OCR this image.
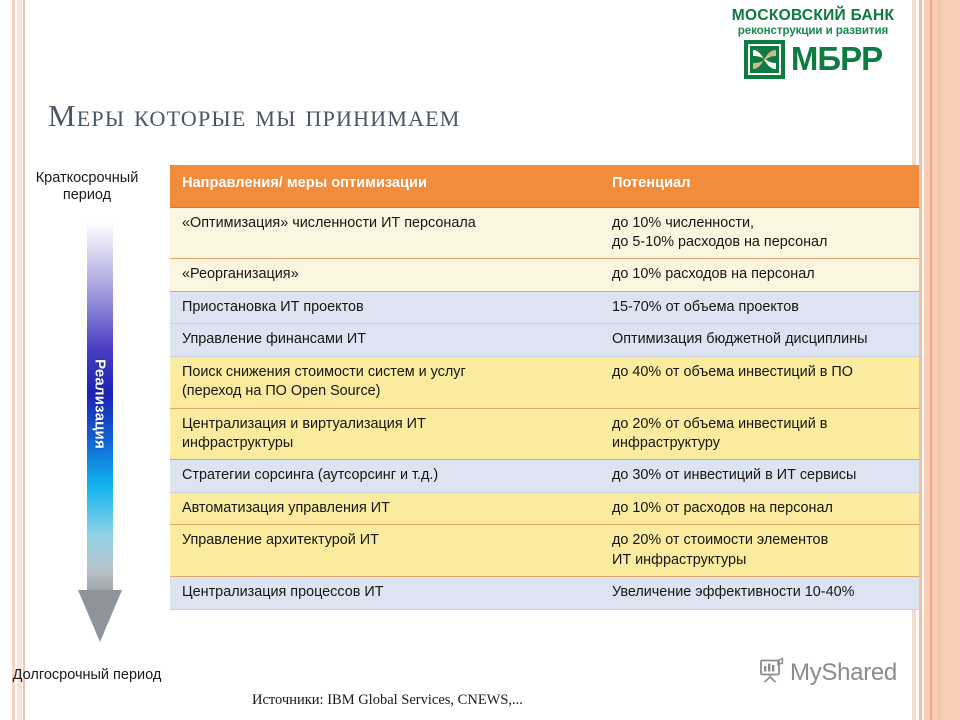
МОСКОВСКИЙ БАНК
реконструкции и развития
МБРР
Меры которые мы принимаем
Краткосрочный период
Реализация
Долгосрочный период
Направления/ меры оптимизации	Потенциал

«Оптимизация» численности ИТ персонала	до 10% численности,
до 5-10% расходов на персонал

«Реорганизация»	до 10% расходов на персонал

Приостановка ИТ проектов	15-70% от объема проектов

Управление финансами ИТ	Оптимизация бюджетной дисциплины

Поиск снижения стоимости систем и услуг
(переход на ПО Open Source)	до 40% от объема инвестиций в ПО

Централизация и виртуализация ИТ
инфраструктуры	до 20% от объема инвестиций в
инфраструктуру

Стратегии сорсинга (аутсорсинг и т.д.)	до 30% от инвестиций в ИТ сервисы

Автоматизация управления ИТ	до 10% от расходов на персонал

Управление архитектурой ИТ	до 20% от стоимости элементов
ИТ инфраструктуры

Централизация процессов ИТ	Увеличение эффективности 10-40%
Источники: IBM Global Services, CNEWS,...
MyShared
